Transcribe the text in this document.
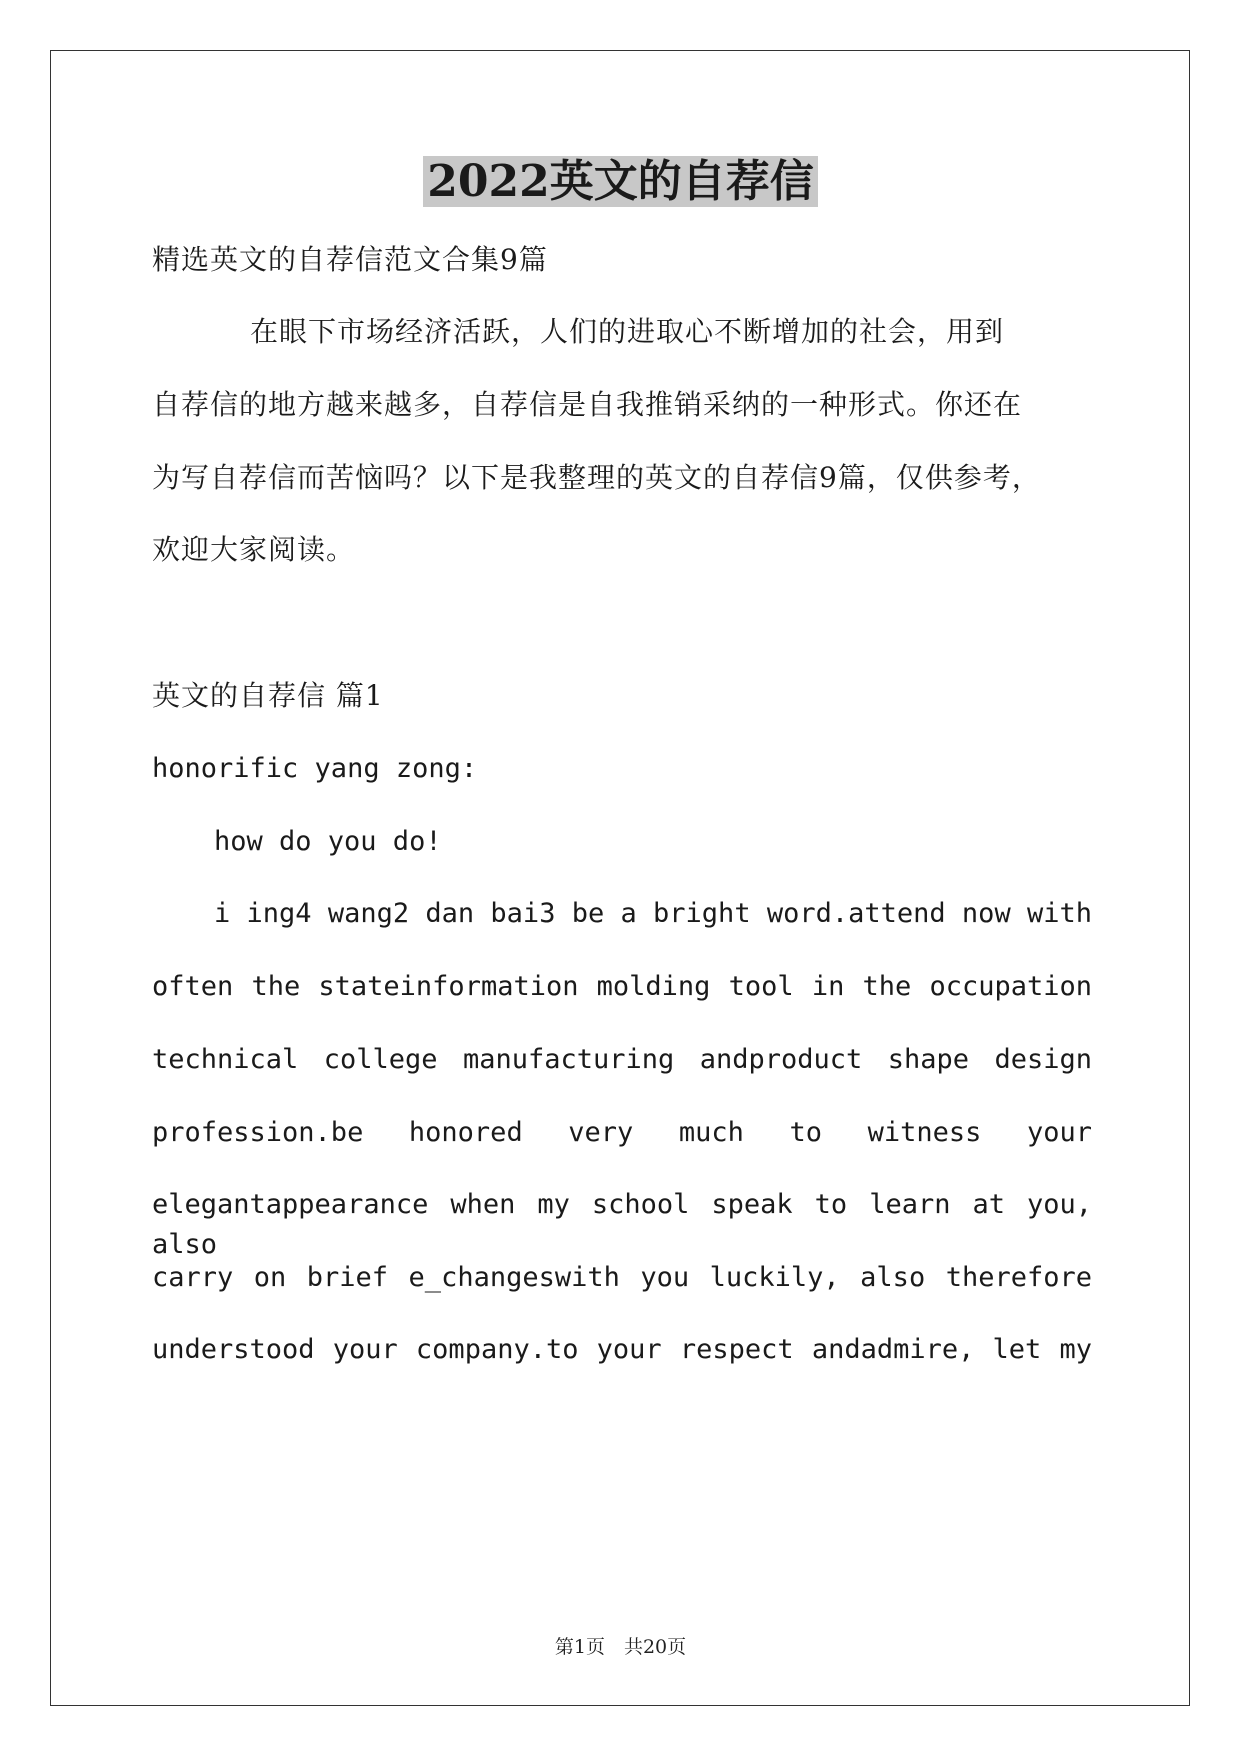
2022英文的自荐信
精选英文的自荐信范文合集9篇
在眼下市场经济活跃，人们的进取心不断增加的社会，用到
自荐信的地方越来越多，自荐信是自我推销采纳的一种形式。你还在
为写自荐信而苦恼吗？以下是我整理的英文的自荐信9篇，仅供参考，
欢迎大家阅读。
英文的自荐信 篇1
honorific yang zong:
how do you do!
i ing4 wang2 dan bai3 be a bright word.attend now with
often the stateinformation molding tool in the occupation
technical college manufacturing andproduct shape design
profession.be honored very much to witness your
elegantappearance when my school speak to learn at you, also
carry on brief e_changeswith you luckily, also therefore
understood your company.to your respect andadmire, let my
第1页　共20页
